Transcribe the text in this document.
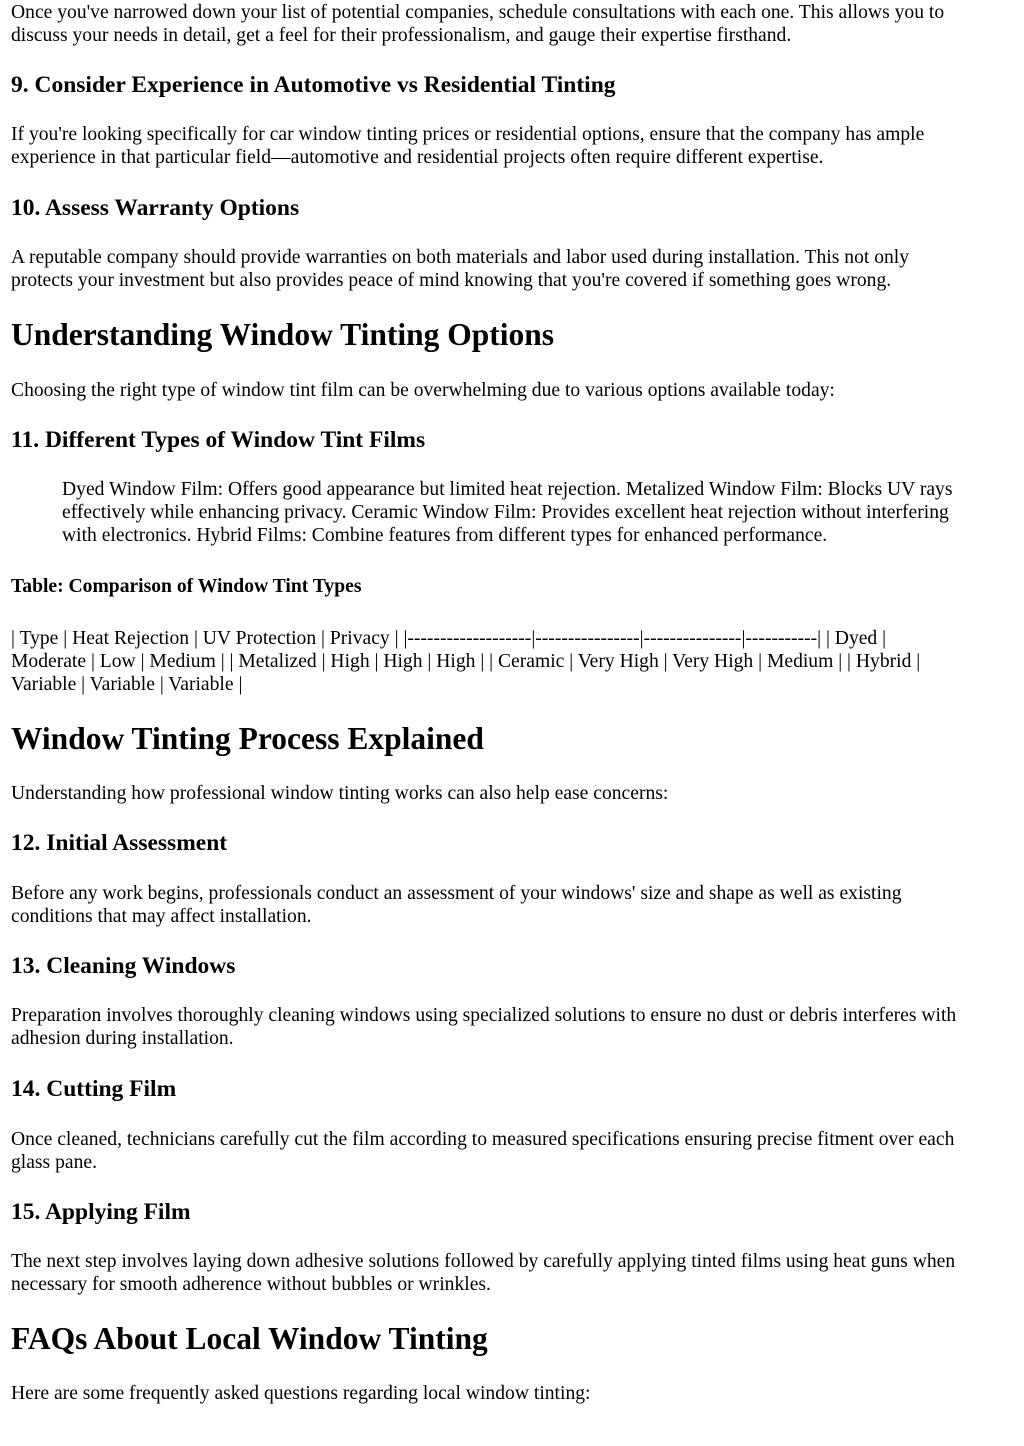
Once you've narrowed down your list of potential companies, schedule consultations with each one. This allows you to

discuss your needs in detail, get a feel for their professionalism, and gauge their expertise firsthand.

9. Consider Experience in Automotive vs Residential Tinting

If you're looking specifically for car window tinting prices or residential options, ensure that the company has ample

experience in that particular field—automotive and residential projects often require different expertise.

10. Assess Warranty Options

A reputable company should provide warranties on both materials and labor used during installation. This not only

protects your investment but also provides peace of mind knowing that you're covered if something goes wrong.

Understanding Window Tinting Options

Choosing the right type of window tint film can be overwhelming due to various options available today:

11. Different Types of Window Tint Films

Dyed Window Film: Offers good appearance but limited heat rejection. Metalized Window Film: Blocks UV rays

effectively while enhancing privacy. Ceramic Window Film: Provides excellent heat rejection without interfering

with electronics. Hybrid Films: Combine features from different types for enhanced performance.

Table: Comparison of Window Tint Types

| Type | Heat Rejection | UV Protection | Privacy | |-------------------|----------------|---------------|-----------| | Dyed |

Moderate | Low | Medium | | Metalized | High | High | High | | Ceramic | Very High | Very High | Medium | | Hybrid |

Variable | Variable | Variable |

Window Tinting Process Explained

Understanding how professional window tinting works can also help ease concerns:

12. Initial Assessment

Before any work begins, professionals conduct an assessment of your windows' size and shape as well as existing

conditions that may affect installation.

13. Cleaning Windows

Preparation involves thoroughly cleaning windows using specialized solutions to ensure no dust or debris interferes with

adhesion during installation.

14. Cutting Film

Once cleaned, technicians carefully cut the film according to measured specifications ensuring precise fitment over each

glass pane.

15. Applying Film

The next step involves laying down adhesive solutions followed by carefully applying tinted films using heat guns when

necessary for smooth adherence without bubbles or wrinkles.

FAQs About Local Window Tinting

Here are some frequently asked questions regarding local window tinting:
